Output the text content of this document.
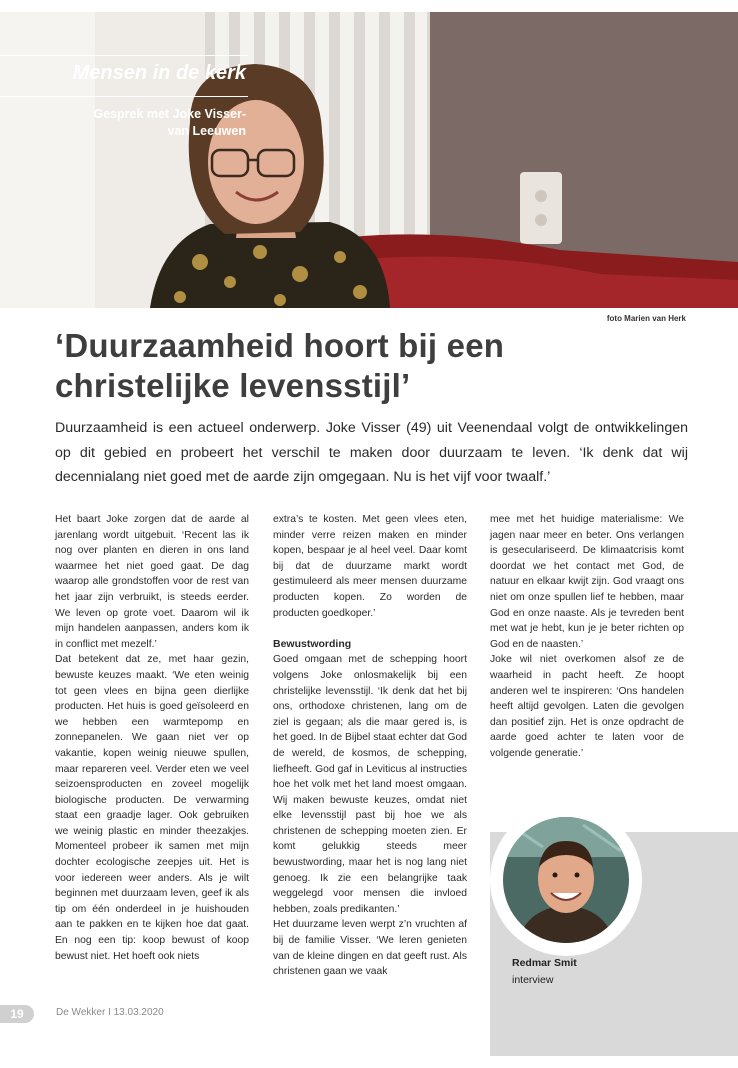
Mensen in de kerk
Gesprek met Joke Visser-
van Leeuwen
foto Marien van Herk
‘Duurzaamheid hoort bij een
christelijke levensstijl’

Duurzaamheid is een actueel onderwerp. Joke Visser (49) uit Veenendaal volgt de ontwikkelingen op dit gebied en probeert het verschil te maken door duurzaam te leven. ‘Ik denk dat wij decennialang niet goed met de aarde zijn omgegaan. Nu is het vijf voor twaalf.’

Het baart Joke zorgen dat de aarde al jarenlang wordt uitgebuit. ‘Recent las ik nog over planten en dieren in ons land waarmee het niet goed gaat. De dag waarop alle grondstoffen voor de rest van het jaar zijn verbruikt, is steeds eerder. We leven op grote voet. Daarom wil ik mijn handelen aanpassen, anders kom ik in conflict met mezelf.’

Dat betekent dat ze, met haar gezin, bewuste keuzes maakt. ‘We eten weinig tot geen vlees en bijna geen dierlijke producten. Het huis is goed geïsoleerd en we hebben een warmtepomp en zonnepanelen. We gaan niet ver op vakantie, kopen weinig nieuwe spullen, maar repareren veel. Verder eten we veel seizoensproducten en zoveel mogelijk biologische producten. De verwarming staat een graadje lager. Ook gebruiken we weinig plastic en minder theezakjes. Momenteel probeer ik samen met mijn dochter ecologische zeepjes uit. Het is voor iedereen weer anders. Als je wilt beginnen met duurzaam leven, geef ik als tip om één onderdeel in je huishouden aan te pakken en te kijken hoe dat gaat. En nog een tip: koop bewust of koop bewust niet. Het hoeft ook niets

extra’s te kosten. Met geen vlees eten, minder verre reizen maken en minder kopen, bespaar je al heel veel. Daar komt bij dat de duurzame markt wordt gestimuleerd als meer mensen duurzame producten kopen. Zo worden de producten goedkoper.’

Bewustwording

Goed omgaan met de schepping hoort volgens Joke onlosmakelijk bij een christelijke levensstijl. ‘Ik denk dat het bij ons, orthodoxe christenen, lang om de ziel is gegaan; als die maar gered is, is het goed. In de Bijbel staat echter dat God de wereld, de kosmos, de schepping, liefheeft. God gaf in Leviticus al instructies hoe het volk met het land moest omgaan. Wij maken bewuste keuzes, omdat niet elke levensstijl past bij hoe we als christenen de schepping moeten zien. Er komt gelukkig steeds meer bewustwording, maar het is nog lang niet genoeg. Ik zie een belangrijke taak weggelegd voor mensen die invloed hebben, zoals predikanten.’

Het duurzame leven werpt z’n vruchten af bij de familie Visser. ‘We leren genieten van de kleine dingen en dat geeft rust. Als christenen gaan we vaak

mee met het huidige materialisme: We jagen naar meer en beter. Ons verlangen is geseculariseerd. De klimaatcrisis komt doordat we het contact met God, de natuur en elkaar kwijt zijn. God vraagt ons niet om onze spullen lief te hebben, maar God en onze naaste. Als je tevreden bent met wat je hebt, kun je je beter richten op God en de naasten.’

Joke wil niet overkomen alsof ze de waarheid in pacht heeft. Ze hoopt anderen wel te inspireren: ‘Ons handelen heeft altijd gevolgen. Laten die gevolgen dan positief zijn. Het is onze opdracht de aarde goed achter te laten voor de volgende generatie.’

Redmar Smit
interview
19	De Wekker I 13.03.2020
